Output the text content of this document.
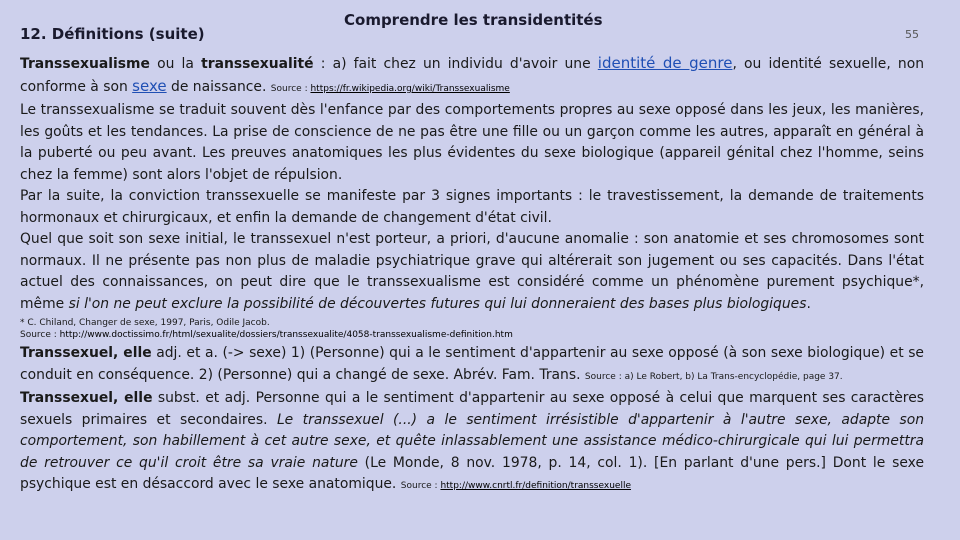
12. Définitions (suite)
Comprendre les transidentités
55

Transsexualisme ou la transsexualité : a) fait chez un individu d'avoir une identité de genre, ou identité sexuelle, non conforme à son sexe de naissance. Source : https://fr.wikipedia.org/wiki/Transsexualisme

Le transsexualisme se traduit souvent dès l'enfance par des comportements propres au sexe opposé dans les jeux, les manières, les goûts et les tendances. La prise de conscience de ne pas être une fille ou un garçon comme les autres, apparaît en général à la puberté ou peu avant. Les preuves anatomiques les plus évidentes du sexe biologique (appareil génital chez l'homme, seins chez la femme) sont alors l'objet de répulsion.

Par la suite, la conviction transsexuelle se manifeste par 3 signes importants : le travestissement, la demande de traitements hormonaux et chirurgicaux, et enfin la demande de changement d'état civil.

Quel que soit son sexe initial, le transsexuel n'est porteur, a priori, d'aucune anomalie : son anatomie et ses chromosomes sont normaux. Il ne présente pas non plus de maladie psychiatrique grave qui altérerait son jugement ou ses capacités. Dans l'état actuel des connaissances, on peut dire que le transsexualisme est considéré comme un phénomène purement psychique*, même si l'on ne peut exclure la possibilité de découvertes futures qui lui donneraient des bases plus biologiques.

* C. Chiland, Changer de sexe, 1997, Paris, Odile Jacob.
Source : http://www.doctissimo.fr/html/sexualite/dossiers/transsexualite/4058-transsexualisme-definition.htm

Transsexuel, elle adj. et a. (-> sexe) 1) (Personne) qui a le sentiment d'appartenir au sexe opposé (à son sexe biologique) et se conduit en conséquence. 2) (Personne) qui a changé de sexe. Abrév. Fam. Trans. Source : a) Le Robert, b) La Trans-encyclopédie, page 37.

Transsexuel, elle subst. et adj. Personne qui a le sentiment d'appartenir au sexe opposé à celui que marquent ses caractères sexuels primaires et secondaires. Le transsexuel (...) a le sentiment irrésistible d'appartenir à l'autre sexe, adapte son comportement, son habillement à cet autre sexe, et quête inlassablement une assistance médico-chirurgicale qui lui permettra de retrouver ce qu'il croit être sa vraie nature (Le Monde, 8 nov. 1978, p. 14, col. 1). [En parlant d'une pers.] Dont le sexe psychique est en désaccord avec le sexe anatomique. Source : http://www.cnrtl.fr/definition/transsexuelle
